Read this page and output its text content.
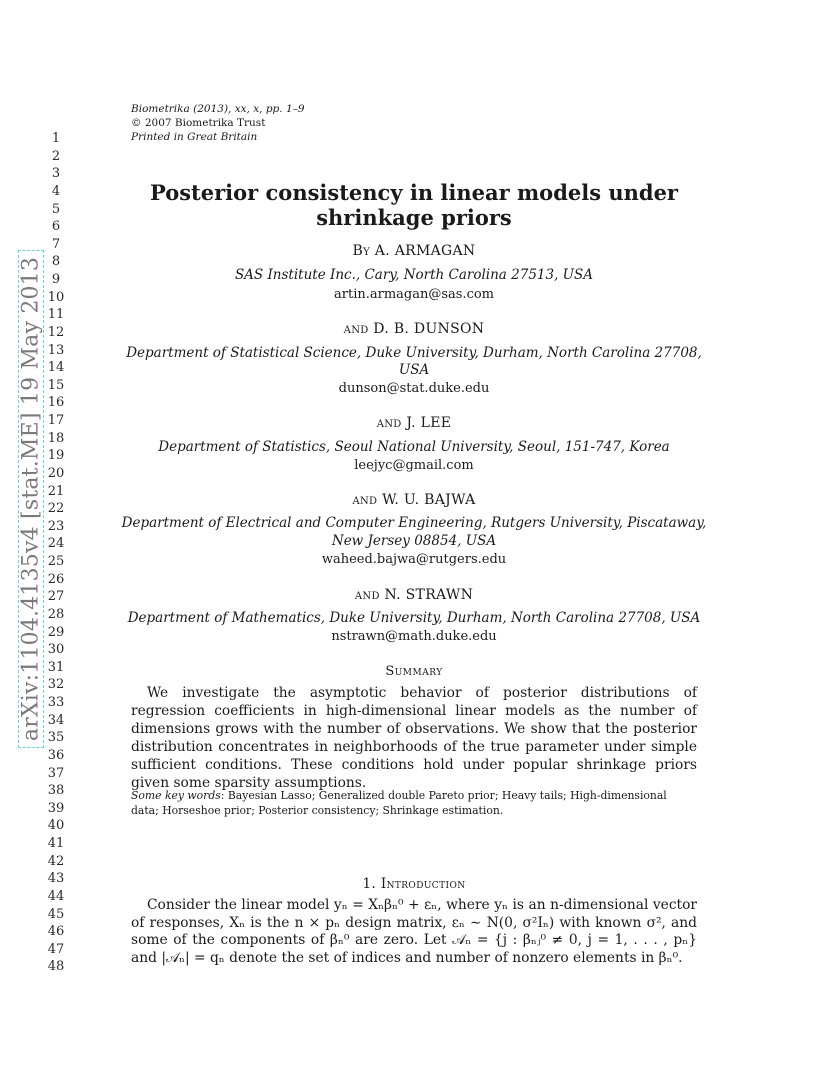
Biometrika (2013), xx, x, pp. 1–9
© 2007 Biometrika Trust
Printed in Great Britain
arXiv:1104.4135v4 [stat.ME] 19 May 2013
1
2
3
4
5
6
7
8
9
10
11
12
13
14
15
16
17
18
19
20
21
22
23
24
25
26
27
28
29
30
31
32
33
34
35
36
37
38
39
40
41
42
43
44
45
46
47
48
Posterior consistency in linear models under
shrinkage priors
By A. ARMAGAN
SAS Institute Inc., Cary, North Carolina 27513, USA
artin.armagan@sas.com
and D. B. DUNSON
Department of Statistical Science, Duke University, Durham, North Carolina 27708,
USA
dunson@stat.duke.edu
and J. LEE
Department of Statistics, Seoul National University, Seoul, 151-747, Korea
leejyc@gmail.com
and W. U. BAJWA
Department of Electrical and Computer Engineering, Rutgers University, Piscataway,
New Jersey 08854, USA
waheed.bajwa@rutgers.edu
and N. STRAWN
Department of Mathematics, Duke University, Durham, North Carolina 27708, USA
nstrawn@math.duke.edu
Summary

We investigate the asymptotic behavior of posterior distributions of regression coefficients in high-dimensional linear models as the number of dimensions grows with the number of observations. We show that the posterior distribution concentrates in neighborhoods of the true parameter under simple sufficient conditions. These conditions hold under popular shrinkage priors given some sparsity assumptions.

Some key words: Bayesian Lasso; Generalized double Pareto prior; Heavy tails; High-dimensional data; Horseshoe prior; Posterior consistency; Shrinkage estimation.
1. Introduction

Consider the linear model yₙ = Xₙβₙ⁰ + εₙ, where yₙ is an n-dimensional vector of responses, Xₙ is the n × pₙ design matrix, εₙ ∼ N(0, σ²Iₙ) with known σ², and some of the components of βₙ⁰ are zero. Let 𝒜ₙ = {j : βₙⱼ⁰ ≠ 0, j = 1, . . . , pₙ} and |𝒜ₙ| = qₙ denote the set of indices and number of nonzero elements in βₙ⁰.
